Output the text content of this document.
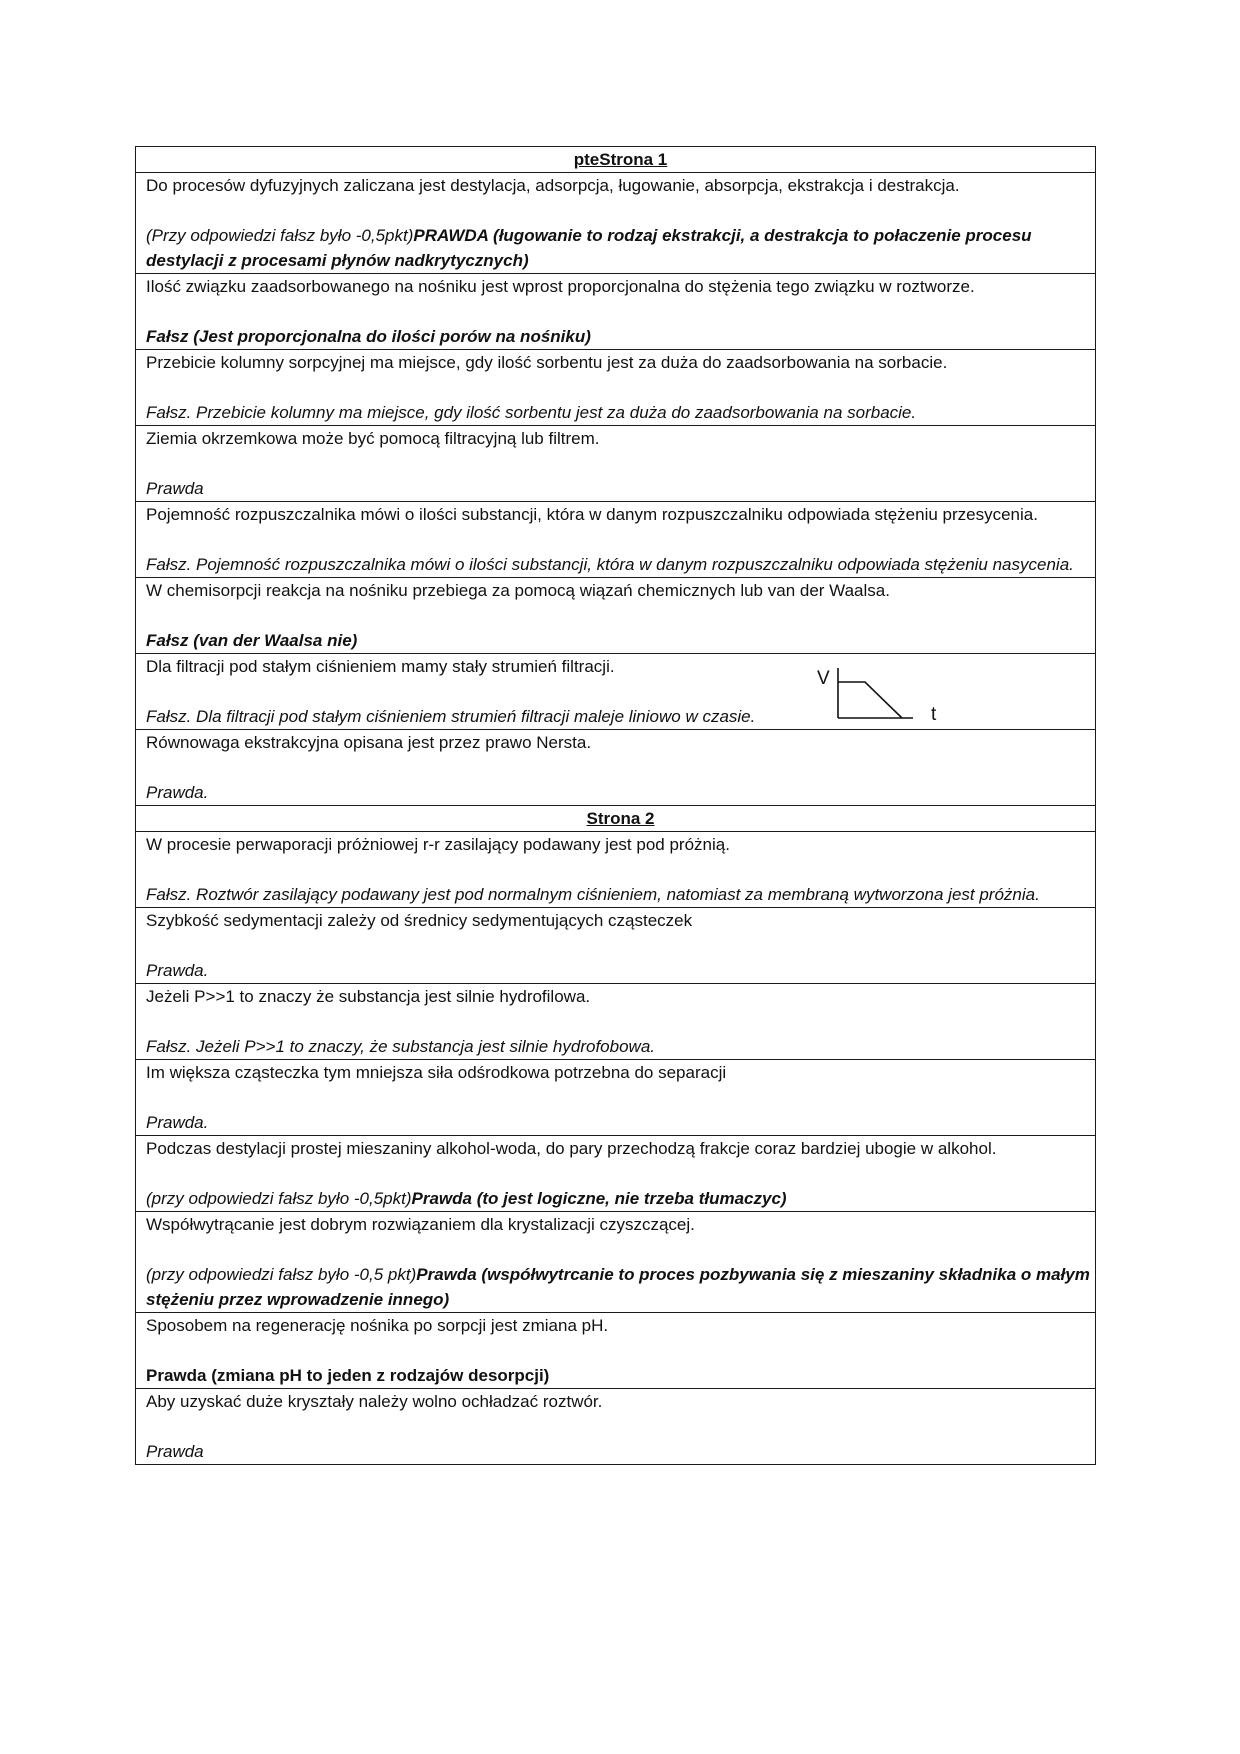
pteStrona 1

Do procesów dyfuzyjnych zaliczana jest destylacja, adsorpcja, ługowanie, absorpcja, ekstrakcja i destrakcja.
(Przy odpowiedzi fałsz było -0,5pkt)PRAWDA (ługowanie to rodzaj ekstrakcji, a destrakcja to połaczenie procesu destylacji z procesami płynów nadkrytycznych)

Ilość związku zaadsorbowanego na nośniku jest wprost proporcjonalna do stężenia tego związku w roztworze.
Fałsz (Jest proporcjonalna do ilości porów na nośniku)

Przebicie kolumny sorpcyjnej ma miejsce, gdy ilość sorbentu jest za duża do zaadsorbowania na sorbacie.
Fałsz. Przebicie kolumny ma miejsce, gdy ilość sorbentu jest za duża do zaadsorbowania na sorbacie.

Ziemia okrzemkowa może być pomocą filtracyjną lub filtrem.
Prawda

Pojemność rozpuszczalnika mówi o ilości substancji, która w danym rozpuszczalniku odpowiada stężeniu przesycenia.
Fałsz. Pojemność rozpuszczalnika mówi o ilości substancji, która w danym rozpuszczalniku odpowiada stężeniu nasycenia.

W chemisorpcji reakcja na nośniku przebiega za pomocą wiązań chemicznych lub van der Waalsa.
Fałsz (van der Waalsa nie)

Dla filtracji pod stałym ciśnieniem mamy stały strumień filtracji.
Fałsz. Dla filtracji pod stałym ciśnieniem strumień filtracji maleje liniowo w czasie.
V
t

Równowaga ekstrakcyjna opisana jest przez prawo Nersta.
Prawda.

Strona 2

W procesie perwaporacji próżniowej r-r zasilający podawany jest pod próżnią.
Fałsz. Roztwór zasilający podawany jest pod normalnym ciśnieniem, natomiast za membraną wytworzona jest próżnia.

Szybkość sedymentacji zależy od średnicy sedymentujących cząsteczek
Prawda.

Jeżeli P>>1 to znaczy że substancja jest silnie hydrofilowa.
Fałsz. Jeżeli P>>1 to znaczy, że substancja jest silnie hydrofobowa.

Im większa cząsteczka tym mniejsza siła odśrodkowa potrzebna do separacji
Prawda.

Podczas destylacji prostej mieszaniny alkohol-woda, do pary przechodzą frakcje coraz bardziej ubogie w alkohol.
(przy odpowiedzi fałsz było -0,5pkt)Prawda (to jest logiczne, nie trzeba tłumaczyc)

Współwytrącanie jest dobrym rozwiązaniem dla krystalizacji czyszczącej.
(przy odpowiedzi fałsz było -0,5 pkt)Prawda (współwytrcanie to proces pozbywania się z mieszaniny składnika o małym stężeniu przez wprowadzenie innego)

Sposobem na regenerację nośnika po sorpcji jest zmiana pH.
Prawda (zmiana pH to jeden z rodzajów desorpcji)

Aby uzyskać duże kryształy należy wolno ochładzać roztwór.
Prawda
